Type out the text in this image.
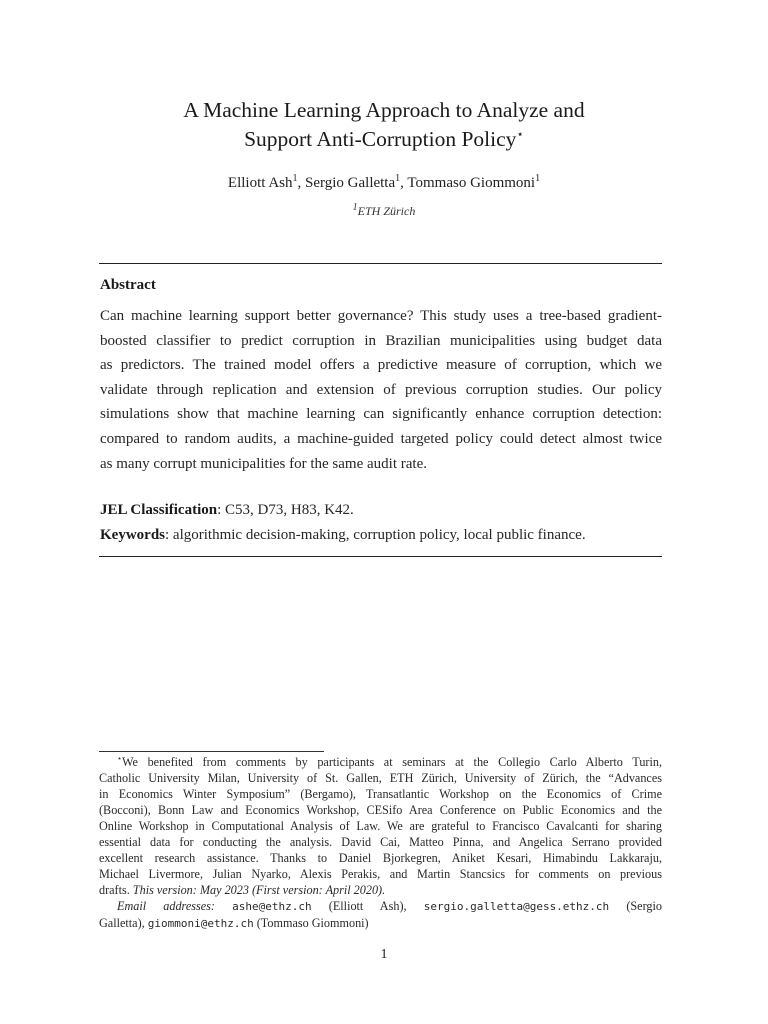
A Machine Learning Approach to Analyze and
Support Anti-Corruption Policy⋆
Elliott Ash$^1$, Sergio Galletta$^1$, Tommaso Giommoni$^1$
$^1$ETH Zürich
Abstract
Can machine learning support better governance? This study uses a tree-based gradient-
boosted classifier to predict corruption in Brazilian municipalities using budget data
as predictors. The trained model offers a predictive measure of corruption, which we
validate through replication and extension of previous corruption studies. Our policy
simulations show that machine learning can significantly enhance corruption detection:
compared to random audits, a machine-guided targeted policy could detect almost twice
as many corrupt municipalities for the same audit rate.
JEL Classification: C53, D73, H83, K42.
Keywords: algorithmic decision-making, corruption policy, local public finance.
⋆We benefited from comments by participants at seminars at the Collegio Carlo Alberto Turin,
Catholic University Milan, University of St. Gallen, ETH Zürich, University of Zürich, the “Advances
in Economics Winter Symposium” (Bergamo), Transatlantic Workshop on the Economics of Crime
(Bocconi), Bonn Law and Economics Workshop, CESifo Area Conference on Public Economics and the
Online Workshop in Computational Analysis of Law. We are grateful to Francisco Cavalcanti for sharing
essential data for conducting the analysis. David Cai, Matteo Pinna, and Angelica Serrano provided
excellent research assistance. Thanks to Daniel Bjorkegren, Aniket Kesari, Himabindu Lakkaraju,
Michael Livermore, Julian Nyarko, Alexis Perakis, and Martin Stancsics for comments on previous
drafts. This version: May 2023 (First version: April 2020).
Email addresses: ashe@ethz.ch (Elliott Ash), sergio.galletta@gess.ethz.ch (Sergio
Galletta), giommoni@ethz.ch (Tommaso Giommoni)
1
